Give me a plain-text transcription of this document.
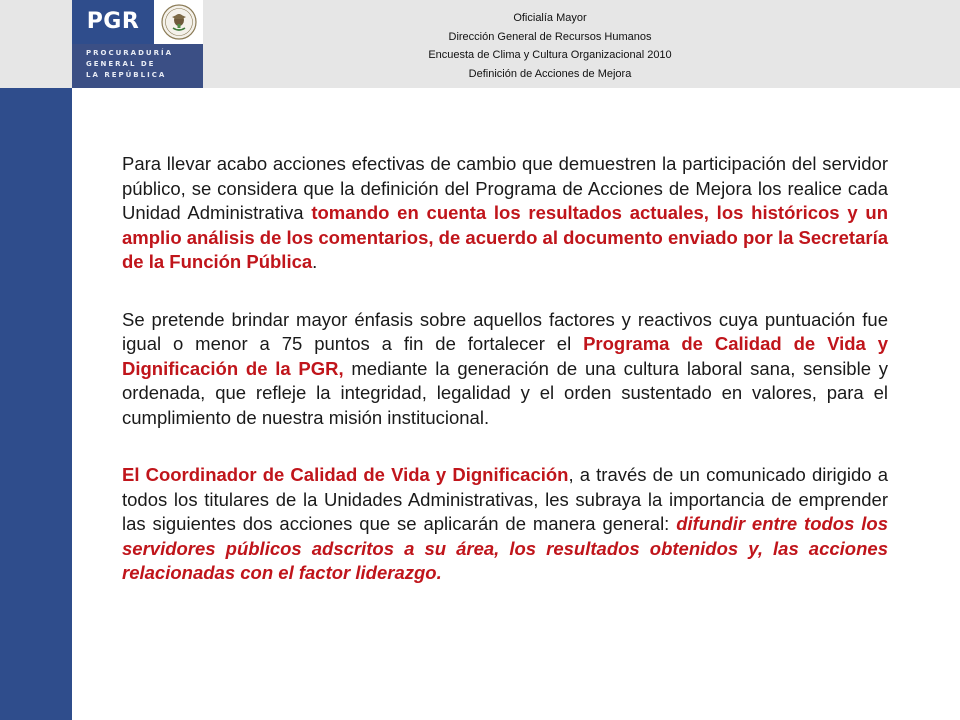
PGR
PROCURADURÍA
GENERAL DE
LA REPÚBLICA
Oficialía Mayor
Dirección General de Recursos Humanos
Encuesta de Clima y Cultura Organizacional 2010
Definición de Acciones de Mejora

Para llevar acabo acciones efectivas de cambio que demuestren la participación del servidor público, se considera que la definición del Programa de Acciones de Mejora los realice cada Unidad Administrativa tomando en cuenta los resultados actuales, los históricos y un amplio análisis de los comentarios, de acuerdo al documento enviado por la Secretaría de la Función Pública.

Se pretende brindar mayor énfasis sobre aquellos factores y reactivos cuya puntuación fue igual o menor a 75 puntos a fin de fortalecer el Programa de Calidad de Vida y Dignificación de la PGR, mediante la generación de una cultura laboral sana, sensible y ordenada, que refleje la integridad, legalidad y el orden sustentado en valores, para el cumplimiento de nuestra misión institucional.

El Coordinador de Calidad de Vida y Dignificación, a través de un comunicado dirigido a todos los titulares de la Unidades Administrativas, les subraya la importancia de emprender las siguientes dos acciones que se aplicarán de manera general: difundir entre todos los servidores públicos adscritos a su área, los resultados obtenidos y, las acciones relacionadas con el factor liderazgo.
